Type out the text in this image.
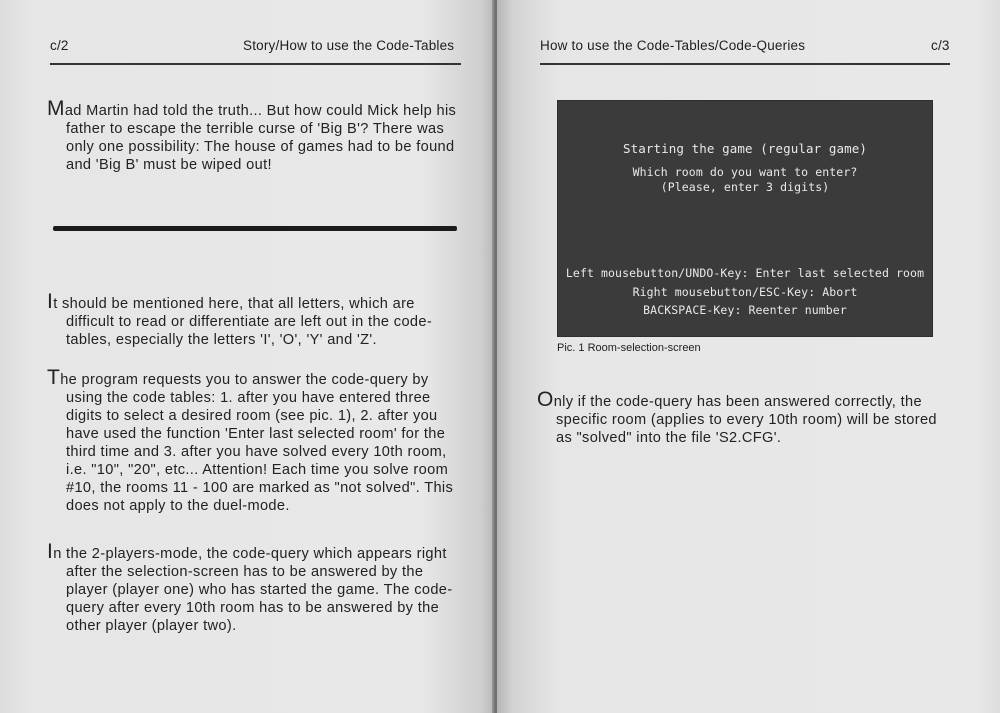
c/2	Story/How to use the Code-Tables
Mad Martin had told the truth... But how could Mick help his father to escape the terrible curse of 'Big B'? There was only one possibility: The house of games had to be found and 'Big B' must be wiped out!
It should be mentioned here, that all letters, which are difficult to read or differentiate are left out in the code-tables, especially the letters 'I', 'O', 'Y' and 'Z'.
The program requests you to answer the code-query by using the code tables: 1. after you have entered three digits to select a desired room (see pic. 1), 2. after you have used the function 'Enter last selected room' for the third time and 3. after you have solved every 10th room, i.e. "10", "20", etc... Attention! Each time you solve room #10, the rooms 11 - 100 are marked as "not solved". This does not apply to the duel-mode.
In the 2-players-mode, the code-query which appears right after the selection-screen has to be answered by the player (player one) who has started the game. The code-query after every 10th room has to be answered by the other player (player two).
How to use the Code-Tables/Code-Queries	c/3
Starting the game (regular game)
Which room do you want to enter?
(Please, enter 3 digits)
Left mousebutton/UNDO-Key: Enter last selected room
Right mousebutton/ESC-Key: Abort
BACKSPACE-Key: Reenter number
Pic. 1 Room-selection-screen
Only if the code-query has been answered correctly, the specific room (applies to every 10th room) will be stored as "solved" into the file 'S2.CFG'.
